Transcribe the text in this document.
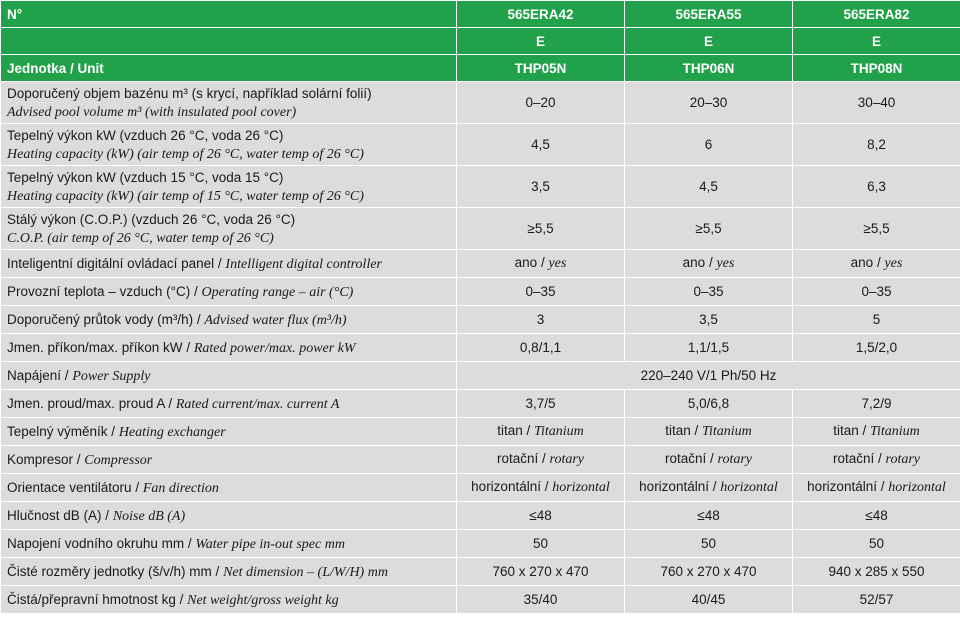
N°	565ERA42	565ERA55	565ERA82
	E	E	E
Jednotka / Unit	THP05N	THP06N	THP08N

Doporučený objem bazénu m³ (s krycí, například solární folií)
Advised pool volume m³ (with insulated pool cover)	0–20	20–30	30–40

Tepelný výkon kW (vzduch 26 °C, voda 26 °C)
Heating capacity (kW) (air temp of 26 °C, water temp of 26 °C)	4,5	6	8,2

Tepelný výkon kW (vzduch 15 °C, voda 15 °C)
Heating capacity (kW) (air temp of 15 °C, water temp of 26 °C)	3,5	4,5	6,3

Stálý výkon (C.O.P.) (vzduch 26 °C, voda 26 °C)
C.O.P. (air temp of 26 °C, water temp of 26 °C)	≥5,5	≥5,5	≥5,5
Inteligentní digitální ovládací panel / Intelligent digital controller	ano / yes	ano / yes	ano / yes
Provozní teplota – vzduch (°C) / Operating range – air (°C)	0–35	0–35	0–35
Doporučený průtok vody (m³/h) / Advised water flux (m³/h)	3	3,5	5
Jmen. příkon/max. příkon kW / Rated power/max. power kW	0,8/1,1	1,1/1,5	1,5/2,0
Napájení / Power Supply	220–240 V/1 Ph/50 Hz		
Jmen. proud/max. proud A / Rated current/max. current A	3,7/5	5,0/6,8	7,2/9
Tepelný výměník / Heating exchanger	titan / Titanium	titan / Titanium	titan / Titanium
Kompresor / Compressor	rotační / rotary	rotační / rotary	rotační / rotary
Orientace ventilátoru / Fan direction	horizontální / horizontal	horizontální / horizontal	horizontální / horizontal
Hlučnost dB (A) / Noise dB (A)	≤48	≤48	≤48
Napojení vodního okruhu mm / Water pipe in-out spec mm	50	50	50
Čisté rozměry jednotky (š/v/h) mm / Net dimension – (L/W/H) mm	760 x 270 x 470	760 x 270 x 470	940 x 285 x 550
Čistá/přepravní hmotnost kg / Net weight/gross weight kg	35/40	40/45	52/57
